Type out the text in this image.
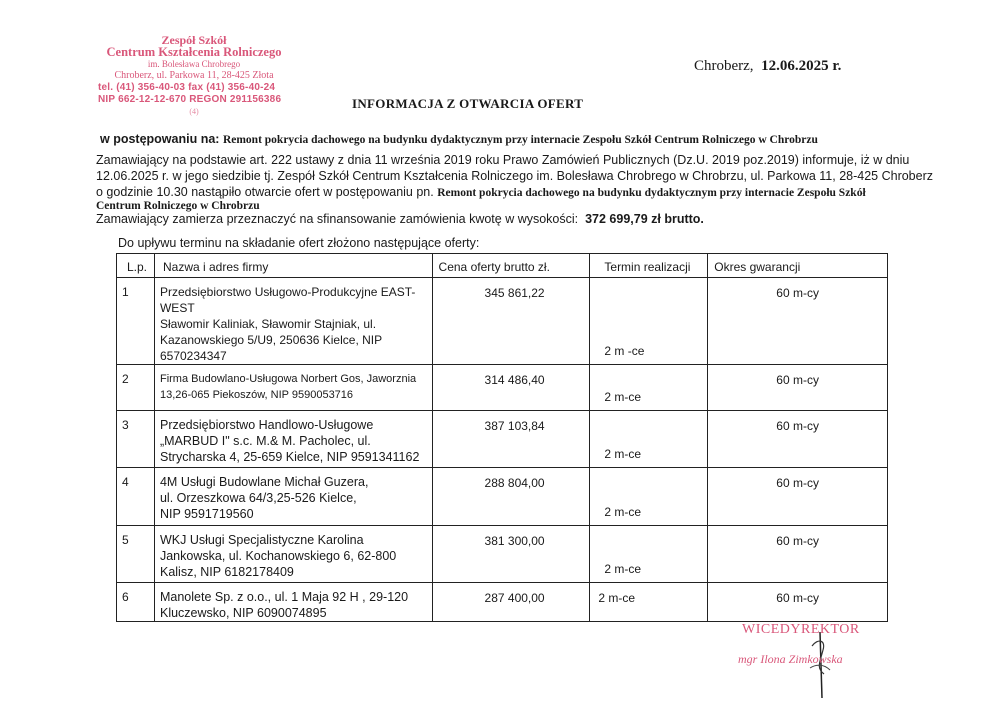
Zespół Szkół
Centrum Kształcenia Rolniczego
im. Bolesława Chrobrego
Chroberz, ul. Parkowa 11, 28-425 Złota
tel. (41) 356-40-03 fax (41) 356-40-24
NIP 662-12-12-670 REGON 291156386
(4)
Chroberz, 12.06.2025 r.
INFORMACJA Z OTWARCIA OFERT
w postępowaniu na: Remont pokrycia dachowego na budynku dydaktycznym przy internacie Zespołu Szkół Centrum Rolniczego w Chrobrzu
Zamawiający na podstawie art. 222 ustawy z dnia 11 września 2019 roku Prawo Zamówień Publicznych (Dz.U. 2019 poz.2019) informuje, iż w dniu
12.06.2025 r. w jego siedzibie tj. Zespół Szkół Centrum Kształcenia Rolniczego im. Bolesława Chrobrego w Chrobrzu, ul. Parkowa 11, 28-425 Chroberz
o godzinie 10.30 nastąpiło otwarcie ofert w postępowaniu pn. Remont pokrycia dachowego na budynku dydaktycznym przy internacie Zespołu Szkół
Centrum Rolniczego w Chrobrzu
Zamawiający zamierza przeznaczyć na sfinansowanie zamówienia kwotę w wysokości: 372 699,79 zł brutto.
Do upływu terminu na składanie ofert złożono następujące oferty:
L.p.	Nazwa i adres firmy	Cena oferty brutto zł.	Termin realizacji	Okres gwarancji
1	Przedsiębiorstwo Usługowo-Produkcyjne EAST-WEST
Sławomir Kaliniak, Sławomir Stajniak, ul.
Kazanowskiego 5/U9, 250636 Kielce, NIP 6570234347	345 861,22	2 m -ce	60 m-cy
2	Firma Budowlano-Usługowa Norbert Gos, Jaworznia
13,26-065 Piekoszów, NIP 9590053716	314 486,40	2 m-ce	60 m-cy
3	Przedsiębiorstwo Handlowo-Usługowe
„MARBUD I" s.c. M.& M. Pacholec, ul.
Strycharska 4, 25-659 Kielce, NIP 9591341162	387 103,84	2 m-ce	60 m-cy
4	4M Usługi Budowlane Michał Guzera,
ul. Orzeszkowa 64/3,25-526 Kielce,
NIP 9591719560	288 804,00	2 m-ce	60 m-cy
5	WKJ Usługi Specjalistyczne Karolina
Jankowska, ul. Kochanowskiego 6, 62-800
Kalisz, NIP 6182178409	381 300,00	2 m-ce	60 m-cy
6	Manolete Sp. z o.o., ul. 1 Maja 92 H , 29-120
Kluczewsko, NIP 6090074895	287 400,00	2 m-ce	60 m-cy
WICEDYREKTOR
mgr Ilona Zimkowska
